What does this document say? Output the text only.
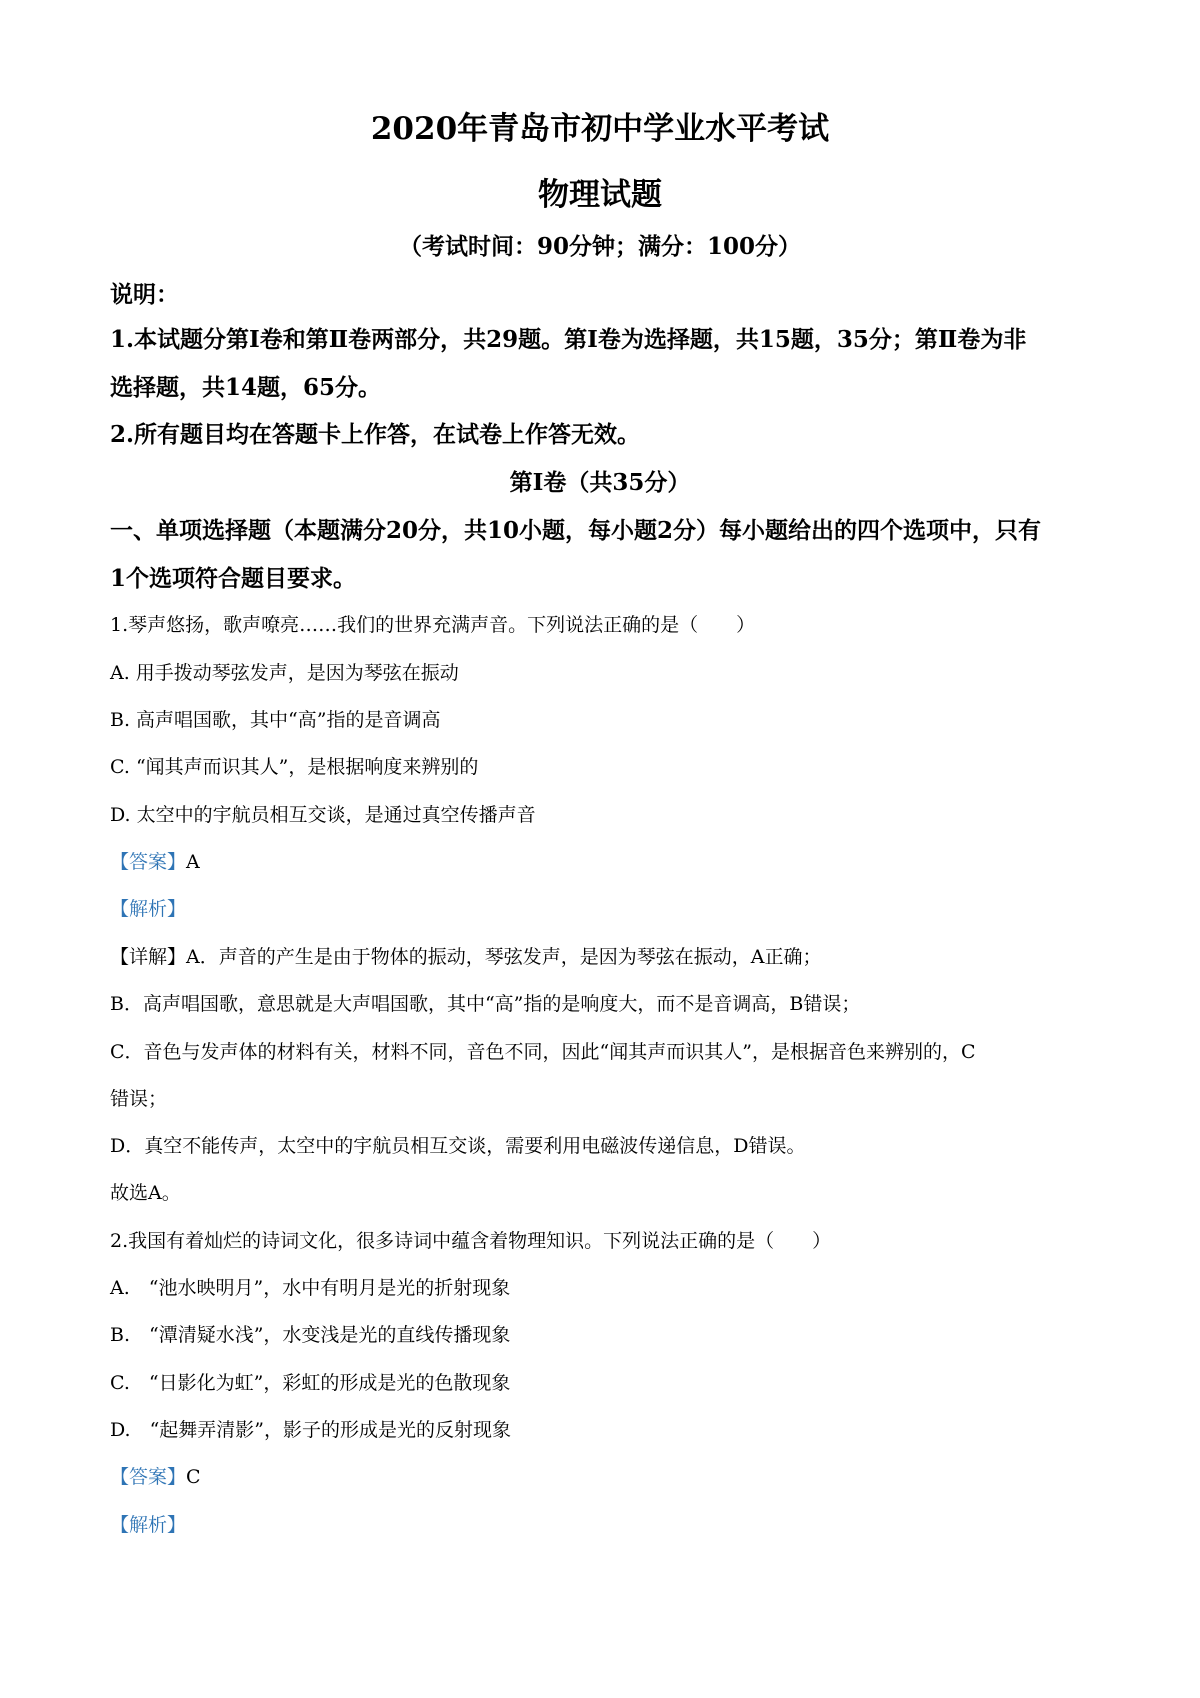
2020年青岛市初中学业水平考试
物理试题
（考试时间：90分钟；满分：100分）
说明：
1.本试题分第Ⅰ卷和第Ⅱ卷两部分，共29题。第Ⅰ卷为选择题，共15题，35分；第Ⅱ卷为非
选择题，共14题，65分。
2.所有题目均在答题卡上作答，在试卷上作答无效。
第Ⅰ卷（共35分）
一、单项选择题（本题满分20分，共10小题，每小题2分）每小题给出的四个选项中，只有
1个选项符合题目要求。
1.琴声悠扬，歌声嘹亮……我们的世界充满声音。下列说法正确的是（　　）
A. 用手拨动琴弦发声，是因为琴弦在振动
B. 高声唱国歌，其中“高”指的是音调高
C. “闻其声而识其人”，是根据响度来辨别的
D. 太空中的宇航员相互交谈，是通过真空传播声音
【答案】A
【解析】
【详解】A．声音的产生是由于物体的振动，琴弦发声，是因为琴弦在振动，A正确；
B．高声唱国歌，意思就是大声唱国歌，其中“高”指的是响度大，而不是音调高，B错误；
C．音色与发声体的材料有关，材料不同，音色不同，因此“闻其声而识其人”，是根据音色来辨别的，C
错误；
D．真空不能传声，太空中的宇航员相互交谈，需要利用电磁波传递信息，D错误。
故选A。
2.我国有着灿烂的诗词文化，很多诗词中蕴含着物理知识。下列说法正确的是（　　）
A.　“池水映明月”，水中有明月是光的折射现象
B.　“潭清疑水浅”，水变浅是光的直线传播现象
C.　“日影化为虹”，彩虹的形成是光的色散现象
D.　“起舞弄清影”，影子的形成是光的反射现象
【答案】C
【解析】
